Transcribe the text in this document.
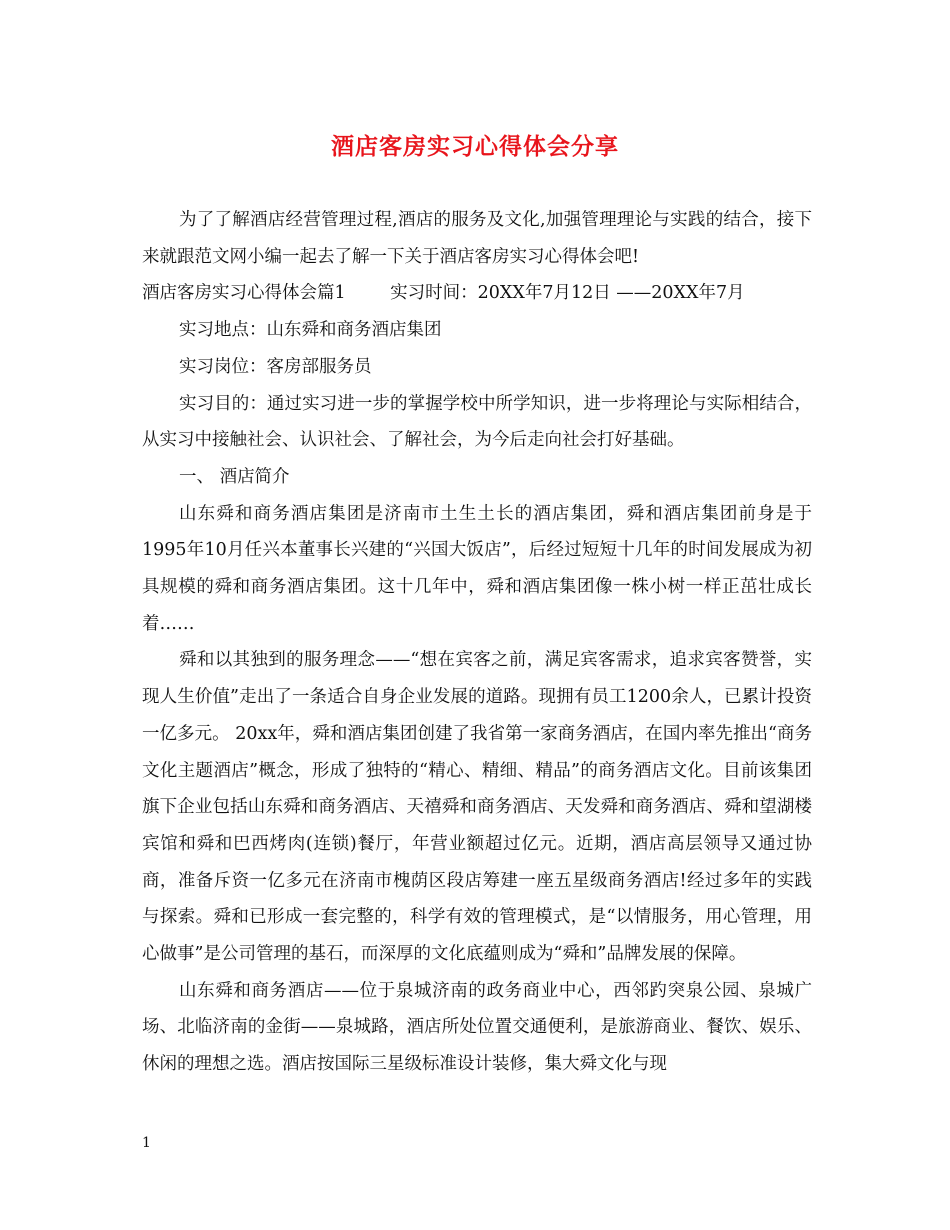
酒店客房实习心得体会分享

为了了解酒店经营管理过程,酒店的服务及文化,加强管理理论与实践的结合，接下来就跟范文网小编一起去了解一下关于酒店客房实习心得体会吧!

酒店客房实习心得体会篇1        实习时间：20XX年7月12日 ——20XX年7月

实习地点：山东舜和商务酒店集团

实习岗位：客房部服务员

实习目的：通过实习进一步的掌握学校中所学知识，进一步将理论与实际相结合，从实习中接触社会、认识社会、了解社会，为今后走向社会打好基础。

一、 酒店简介

山东舜和商务酒店集团是济南市土生土长的酒店集团，舜和酒店集团前身是于1995年10月任兴本董事长兴建的“兴国大饭店”，后经过短短十几年的时间发展成为初具规模的舜和商务酒店集团。这十几年中，舜和酒店集团像一株小树一样正茁壮成长着……

舜和以其独到的服务理念——“想在宾客之前，满足宾客需求，追求宾客赞誉，实现人生价值”走出了一条适合自身企业发展的道路。现拥有员工1200余人，已累计投资一亿多元。 20xx年，舜和酒店集团创建了我省第一家商务酒店，在国内率先推出“商务文化主题酒店”概念，形成了独特的“精心、精细、精品”的商务酒店文化。目前该集团旗下企业包括山东舜和商务酒店、天禧舜和商务酒店、天发舜和商务酒店、舜和望湖楼宾馆和舜和巴西烤肉(连锁)餐厅，年营业额超过亿元。近期，酒店高层领导又通过协商，准备斥资一亿多元在济南市槐荫区段店筹建一座五星级商务酒店!经过多年的实践与探索。舜和已形成一套完整的，科学有效的管理模式，是“以情服务，用心管理，用心做事”是公司管理的基石，而深厚的文化底蕴则成为“舜和”品牌发展的保障。

山东舜和商务酒店——位于泉城济南的政务商业中心，西邻趵突泉公园、泉城广场、北临济南的金街——泉城路，酒店所处位置交通便利，是旅游商业、餐饮、娱乐、休闲的理想之选。酒店按国际三星级标准设计装修，集大舜文化与现

1
